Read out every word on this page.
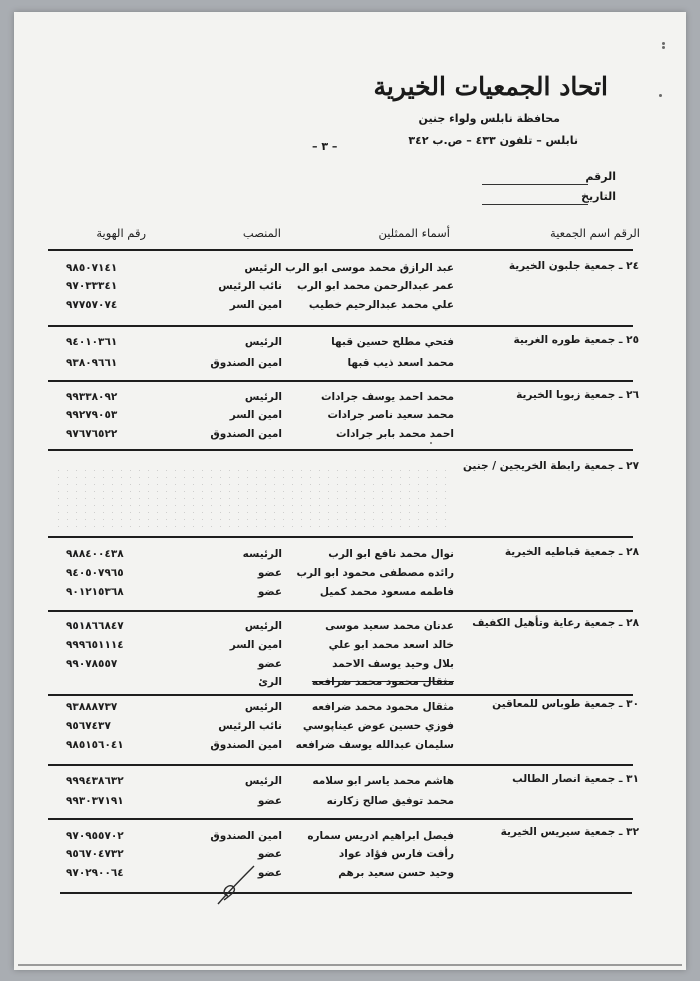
اتحاد الجمعيات الخيرية
محافظة نابلس ولواء جنين
نابلس – تلفون ٤٣٣ – ص.ب ٣٤٢
– ٣ –
الرقم
التاريخ
الرقم اسم الجمعية
أسماء الممثلين
المنصب
رقم الهوية
٢٤ ـ جمعية جلبون الخيرية
عبد الرازق محمد موسى ابو الرب الرئيس
٩٨٥٠٧١٤١
عمر عبدالرحمن محمد ابو الرب
نائب الرئيس
٩٧٠٣٣٣٤١
علي محمد عبدالرحيم خطيب
امين السر
٩٧٧٥٧٠٧٤
٢٥ ـ جمعية طوره الغربية
فتحي مطلح حسين قبها
الرئيس
٩٤٠١٠٣٦١
محمد اسعد ذيب قبها
امين الصندوق
٩٣٨٠٩٦٦١
٢٦ ـ جمعية زبوبا الخيرية
محمد احمد يوسف جرادات
الرئيس
٩٩٣٣٨٠٩٢
محمد سعيد ناصر جرادات
امين السر
٩٩٢٧٩٠٥٣
احمد محمد بابر جرادات
امين الصندوق
٩٧٦٧٦٥٢٢
٢٧ ـ جمعية رابطة الخريجين / جنين
٢٨ ـ جمعية قباطيه الخيرية
نوال محمد نافع ابو الرب
الرئيسه
٩٨٨٤٠٠٤٣٨
رائده مصطفى محمود ابو الرب
عضو
٩٤٠٥٠٧٩٦٥
فاطمه مسعود محمد كميل
عضو
٩٠١٢١٥٣٦٨
٢٨ ـ جمعية رعاية وتأهيل الكفيف
عدنان محمد سعيد موسى
الرئيس
٩٥١٨٦٦٨٤٧
خالد اسعد محمد ابو علي
امين السر
٩٩٩٦٥١١١٤
بلال وحيد يوسف الاحمد
عضو
٩٩٠٧٨٥٥٧
مثقال محمود محمد ضرافعه
الرئ
٣٠ ـ جمعية طوباس للمعاقين
مثقال محمود محمد ضرافعه
الرئيس
٩٣٨٨٨٧٣٧
فوزي حسين عوض عيناپوسي
نائب الرئيس
٩٥٦٧٤٣٧
سليمان عبدالله يوسف ضرافعه
امين الصندوق
٩٨٥١٥٦٠٤١
٣١ ـ جمعية انصار الطالب
هاشم محمد ياسر ابو سلامه
الرئيس
٩٩٩٤٣٨٦٣٢
محمد توفيق صالح زكارنه
عضو
٩٩٣٠٣٧١٩١
٣٢ ـ جمعية سيريس الخيرية
فيصل ابراهيم ادريس سماره
امين الصندوق
٩٧٠٩٥٥٧٠٢
رأفت فارس فؤاد عواد
عضو
٩٥٦٧٠٤٧٣٢
وحيد حسن سعيد برهم
عضو
٩٧٠٢٩٠٠٦٤
